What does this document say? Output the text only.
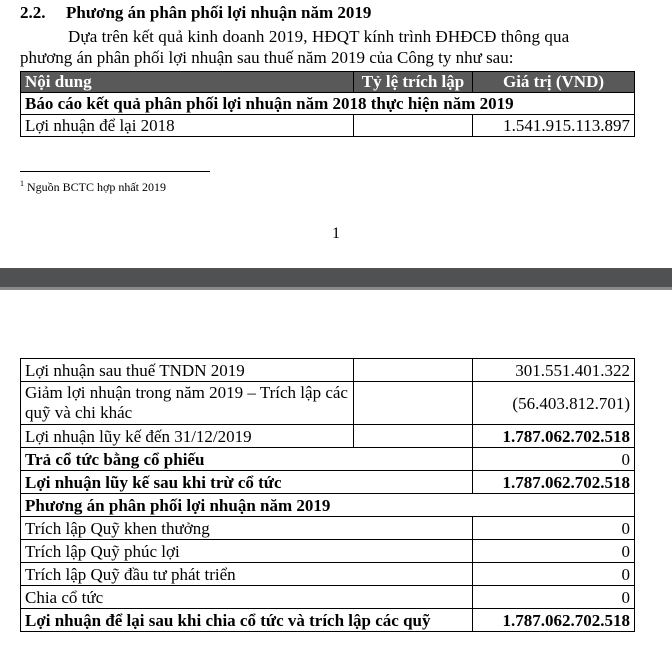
2.2. Phương án phân phối lợi nhuận năm 2019
Dựa trên kết quả kinh doanh 2019, HĐQT kính trình ĐHĐCĐ thông qua
phương án phân phối lợi nhuận sau thuế năm 2019 của Công ty như sau:
Nội dung	Tỷ lệ trích lập	Giá trị (VND)
Báo cáo kết quả phân phối lợi nhuận năm 2018 thực hiện năm 2019		
Lợi nhuận để lại 2018		1.541.915.113.897
$^1$ Nguồn BCTC hợp nhất 2019
1
Lợi nhuận sau thuế TNDN 2019		301.551.401.322
Giảm lợi nhuận trong năm 2019 – Trích lập các quỹ và chi khác		(56.403.812.701)
Lợi nhuận lũy kế đến 31/12/2019		1.787.062.702.518
Trả cổ tức bằng cổ phiếu		0
Lợi nhuận lũy kế sau khi trừ cổ tức		1.787.062.702.518
Phương án phân phối lợi nhuận năm 2019		
Trích lập Quỹ khen thưởng		0
Trích lập Quỹ phúc lợi		0
Trích lập Quỹ đầu tư phát triển		0
Chia cổ tức		0
Lợi nhuận để lại sau khi chia cổ tức và trích lập các quỹ		1.787.062.702.518
